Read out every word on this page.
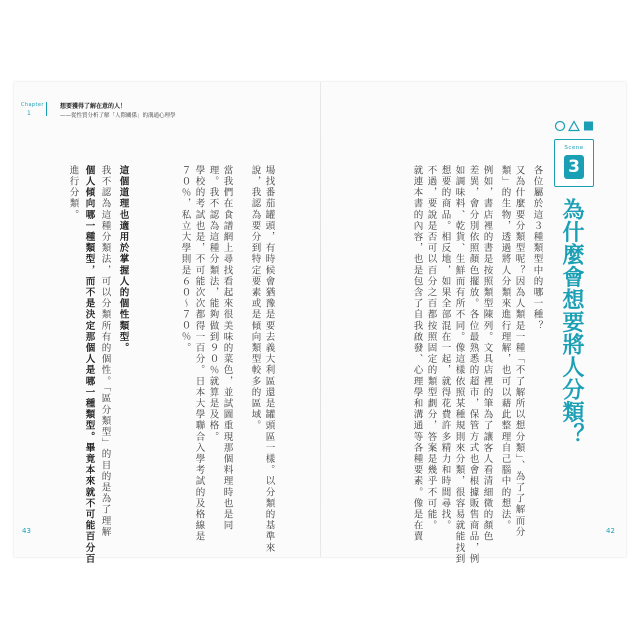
Chapter
1
想要獲得了解在意的人！
——從性質分析了解「人際關係」的溝通心理學
Scene
3
為什麼會想要將人分類？
各位屬於這３種類型中的哪一種？
又為什麼要分類型呢？因為人類是一種「不了解所以想分類」、為了了解而分
類」的生物，透過將人分類來進行理解，也可以藉此整理自己腦中的想法。
例如，書店裡的書是按照類型陳列。文具店裡的筆為了讓客人看清細微的顏色
差異，會分別依照顏色擺放。各位最熟悉的超市，保管方式也會根據販售商品，例
如調味料、乾貨、生鮮而有所不同。像這樣依照某種規則來分類，很容易就能找到
想要的商品。相反地，如果全部混在一起，就得花費許多精力和時間尋找。
不過，要說是否可以百分之百都按照固定的類型劃分，答案是幾乎不可能。
就連本書的內容，也是包含了自我啟發、心理學和溝通等各種要素。像是在賣
場找番茄罐頭，有時候會猶豫是要去義大利區還是罐頭區一樣。以分類的基準來
說，我認為要分到特定要素或是傾向類型較多的區域。
當我們在食譜網上尋找看起來很美味的菜色，並試圖重現那個料理時也是同
理。我不認為這種分類法，能夠做到９０％就算是及格。
學校的考試也是，不可能次次都得一百分。日本大學聯合入學考試的及格線是
７０％，私立大學則是６０～７０％。
這個道理也適用於掌握人的個性類型。
我不認為這種分類法，可以分類所有的個性。「區分類型」的目的是為了理解
個人傾向哪一種類型，而不是決定那個人是哪一種類型。畢竟本來就不可能百分百
進行分類。
43	42
